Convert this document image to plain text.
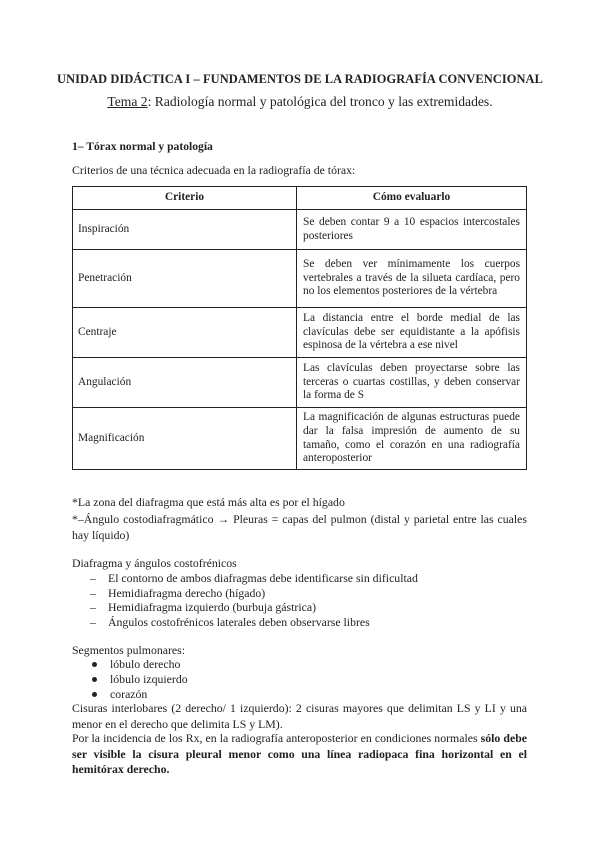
UNIDAD DIDÁCTICA I – FUNDAMENTOS DE LA RADIOGRAFÍA CONVENCIONAL
Tema 2: Radiología normal y patológica del tronco y las extremidades.
1– Tórax normal y patología
Criterios de una técnica adecuada en la radiografía de tórax:
Criterio	Cómo evaluarlo
Inspiración	Se deben contar 9 a 10 espacios intercostales posteriores
Penetración	Se deben ver mínimamente los cuerpos vertebrales a través de la silueta cardíaca, pero no los elementos posteriores de la vértebra
Centraje	La distancia entre el borde medial de las clavículas debe ser equidistante a la apófisis espinosa de la vértebra a ese nivel
Angulación	Las clavículas deben proyectarse sobre las terceras o cuartas costillas, y deben conservar la forma de S
Magnificación	La magnificación de algunas estructuras puede dar la falsa impresión de aumento de su tamaño, como el corazón en una radiografía anteroposterior
*La zona del diafragma que está más alta es por el hígado
*–Ángulo costodiafragmático → Pleuras = capas del pulmon (distal y parietal entre las cuales hay líquido)
Diafragma y ángulos costofrénicos
– El contorno de ambos diafragmas debe identificarse sin dificultad
– Hemidiafragma derecho (hígado)
– Hemidiafragma izquierdo (burbuja gástrica)
– Ángulos costofrénicos laterales deben observarse libres
Segmentos pulmonares:
lóbulo derecho
lóbulo izquierdo
corazón
Cisuras interlobares (2 derecho/ 1 izquierdo): 2 cisuras mayores que delimitan LS y LI y una menor en el derecho que delimita LS y LM).
Por la incidencia de los Rx, en la radiografía anteroposterior en condiciones normales sólo debe ser visible la cisura pleural menor como una línea radiopaca fina horizontal en el hemitórax derecho.
